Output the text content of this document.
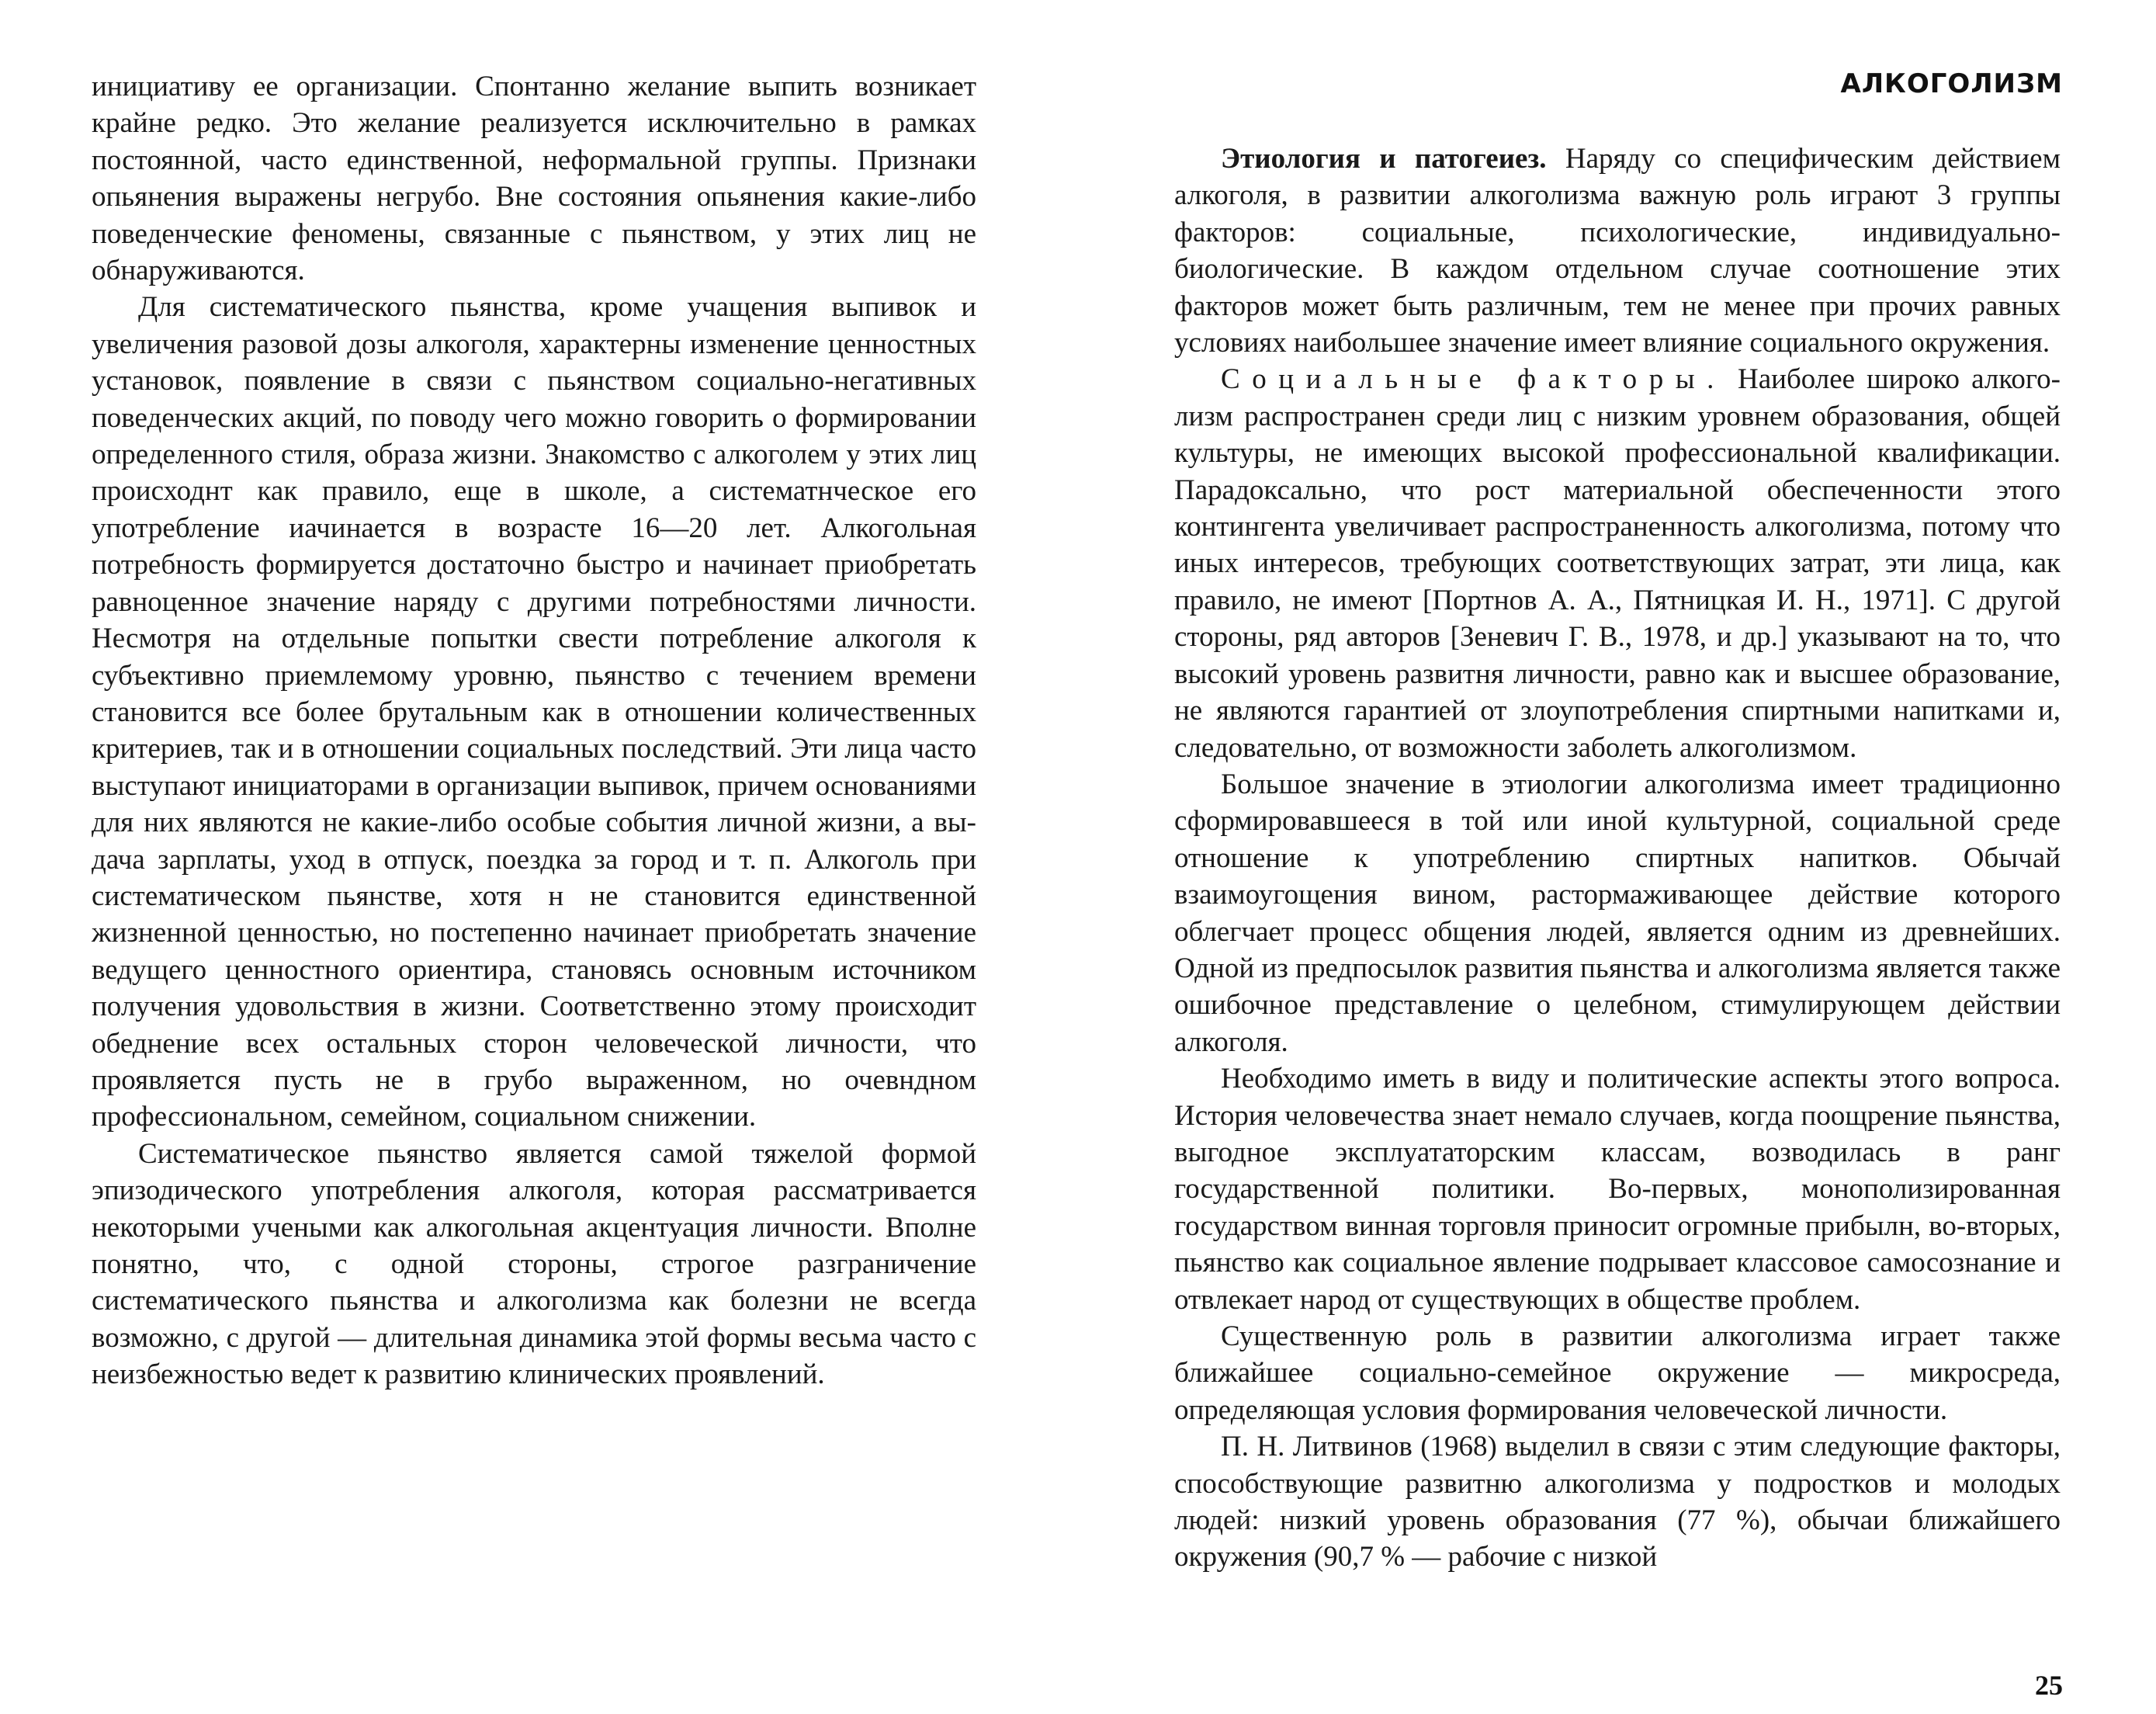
инициативу ее организации. Спонтанно желание выпить возникает крайне редко. Это желание реализуется исключительно в рамках постоянной, часто единственной, неформальной группы. Признаки опьянения выражены негрубо. Вне состояния опьянения какие-либо поведенческие феномены, связанные с пьянством, у этих лиц не обнаруживаются.

Для систематического пьянства, кроме учащения выпивок и увеличения разовой дозы алкоголя, характерны изменение ценностных установок, появление в связи с пьянством социально-негативных поведенческих акций, по поводу чего можно говорить о формировании определенного стиля, образа жизни. Знакомство с алкоголем у этих лиц происходнт как правило, еще в школе, а систематнческое его употребление иачинается в возрасте 16—20 лет. Алкогольная потребность формируется достаточно быстро и начинает приобретать равноценное значение наряду с другими потребностями личности. Несмотря на отдельные попытки свести потребление алкоголя к субъективно приемлемому уровню, пьянство с течением времени становится все более брутальным как в отношении количественных критериев, так и в отношении социальных последствий. Эти лица часто выступают инициаторами в организации выпивок, причем основаниями для них являются не какие-либо особые события личной жизни, а выдача зарплаты, уход в отпуск, поездка за город и т. п. Алкоголь при систематическом пьянстве, хотя н не становится единственной жизненной ценностью, но постепенно начинает приобретать значение ведущего ценностного ориентира, становясь основным источником получения удовольствия в жизни. Соответственно этому происходит обеднение всех остальных сторон человеческой личности, что проявляется пусть не в грубо выраженном, но очевндном профессиональном, семейном, социальном снижении.

Систематическое пьянство является самой тяжелой формой эпизодического употребления алкоголя, которая рассматривается некоторыми учеными как алкогольная акцентуация личности. Вполне понятно, что, с одной стороны, строгое разграничение систематического пьянства и алкоголизма как болезни не всегда возможно, с другой — длительная динамика этой формы весьма часто с неизбежностью ведет к развитию клинических проявлений.

АЛКОГОЛИЗМ

Этиология и патогеиез. Наряду со специфическим действием алкоголя, в развитии алкоголизма важную роль играют 3 группы факторов: социальные, психологические, индивидуально-биологические. В каждом отдельном случае соотношение этих факторов может быть различным, тем не менее при прочих равных условиях наибольшее значение имеет влияние социального окружения.

Социальные факторы. Наиболее широко алкоголизм распространен среди лиц с низким уровнем образования, общей культуры, не имеющих высокой профессиональной квалификации. Парадоксально, что рост материальной обеспеченности этого контингента увеличивает распространенность алкоголизма, потому что иных интересов, требующих соответствующих затрат, эти лица, как правило, не имеют [Портнов А. А., Пятницкая И. Н., 1971]. С другой стороны, ряд авторов [Зеневич Г. В., 1978, и др.] указывают на то, что высокий уровень развитня личности, равно как и высшее образование, не являются гарантией от злоупотребления спиртными напитками и, следовательно, от возможности заболеть алкоголизмом.

Большое значение в этиологии алкоголизма имеет традиционно сформировавшееся в той или иной культурной, социальной среде отношение к употреблению спиртных напитков. Обычай взаимоугощения вином, растормаживающее действие которого облегчает процесс общения людей, является одним из древнейших. Одной из предпосылок развития пьянства и алкоголизма является также ошибочное представление о целебном, стимулирующем действии алкоголя.

Необходимо иметь в виду и политические аспекты этого вопроса. История человечества знает немало случаев, когда поощрение пьянства, выгодное эксплуататорским классам, возводилась в ранг государственной политики. Во-первых, монополизированная государством винная торговля приносит огромные прибылн, во-вторых, пьянство как социальное явление подрывает классовое самосознание и отвлекает народ от существующих в обществе проблем.

Существенную роль в развитии алкоголизма играет также ближайшее социально-семейное окружение — микросреда, определяющая условия формирования человеческой личности.

П. Н. Литвинов (1968) выделил в связи с этим следующие факторы, способствующие развитню алкоголизма у подростков и молодых людей: низкий уровень образования (77 %), обычаи ближайшего окружения (90,7 % — рабочие с низкой

25
